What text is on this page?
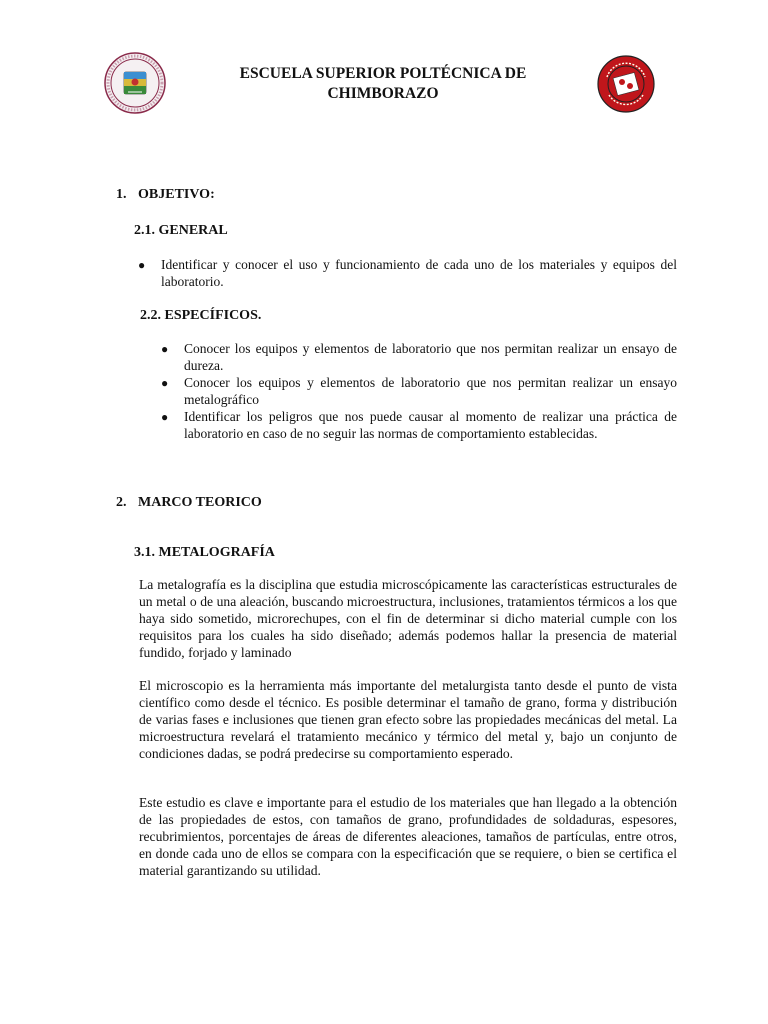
ESCUELA SUPERIOR POLTÉCNICA DE CHIMBORAZO
1. OBJETIVO:
2.1. GENERAL
● Identificar y conocer el uso y funcionamiento de cada uno de los materiales y equipos del laboratorio.
2.2. ESPECÍFICOS.
● Conocer los equipos y elementos de laboratorio que nos permitan realizar un ensayo de dureza.
● Conocer los equipos y elementos de laboratorio que nos permitan realizar un ensayo metalográfico
● Identificar los peligros que nos puede causar al momento de realizar una práctica de laboratorio en caso de no seguir las normas de comportamiento establecidas.
2. MARCO TEORICO
3.1. METALOGRAFÍA

La metalografía es la disciplina que estudia microscópicamente las características estructurales de un metal o de una aleación, buscando microestructura, inclusiones, tratamientos térmicos a los que haya sido sometido, microrechupes, con el fin de determinar si dicho material cumple con los requisitos para los cuales ha sido diseñado; además podemos hallar la presencia de material fundido, forjado y laminado

El microscopio es la herramienta más importante del metalurgista tanto desde el punto de vista científico como desde el técnico. Es posible determinar el tamaño de grano, forma y distribución de varias fases e inclusiones que tienen gran efecto sobre las propiedades mecánicas del metal. La microestructura revelará el tratamiento mecánico y térmico del metal y, bajo un conjunto de condiciones dadas, se podrá predecirse su comportamiento esperado.

Este estudio es clave e importante para el estudio de los materiales que han llegado a la obtención de las propiedades de estos, con tamaños de grano, profundidades de soldaduras, espesores, recubrimientos, porcentajes de áreas de diferentes aleaciones, tamaños de partículas, entre otros, en donde cada uno de ellos se compara con la especificación que se requiere, o bien se certifica el material garantizando su utilidad.
